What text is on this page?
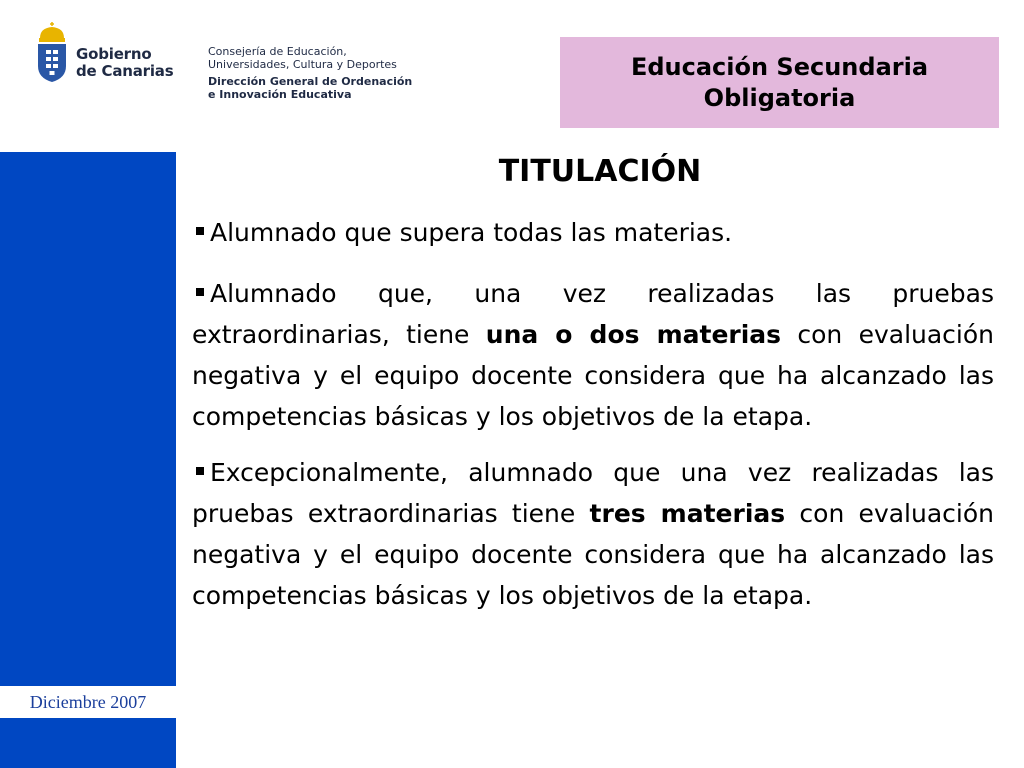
Gobierno
de Canarias
Consejería de Educación,
Universidades, Cultura y Deportes
Dirección General de Ordenación
e Innovación Educativa
Educación Secundaria
Obligatoria
Diciembre 2007
TITULACIÓN

Alumnado que supera todas las materias.

Alumnado que, una vez realizadas las pruebas extraordinarias, tiene una o dos materias con evaluación negativa y el equipo docente considera que ha alcanzado las competencias básicas y los objetivos de la etapa.

Excepcionalmente, alumnado que una vez realizadas las pruebas extraordinarias tiene tres materias con evaluación negativa y el equipo docente considera que ha alcanzado las competencias básicas y los objetivos de la etapa.
